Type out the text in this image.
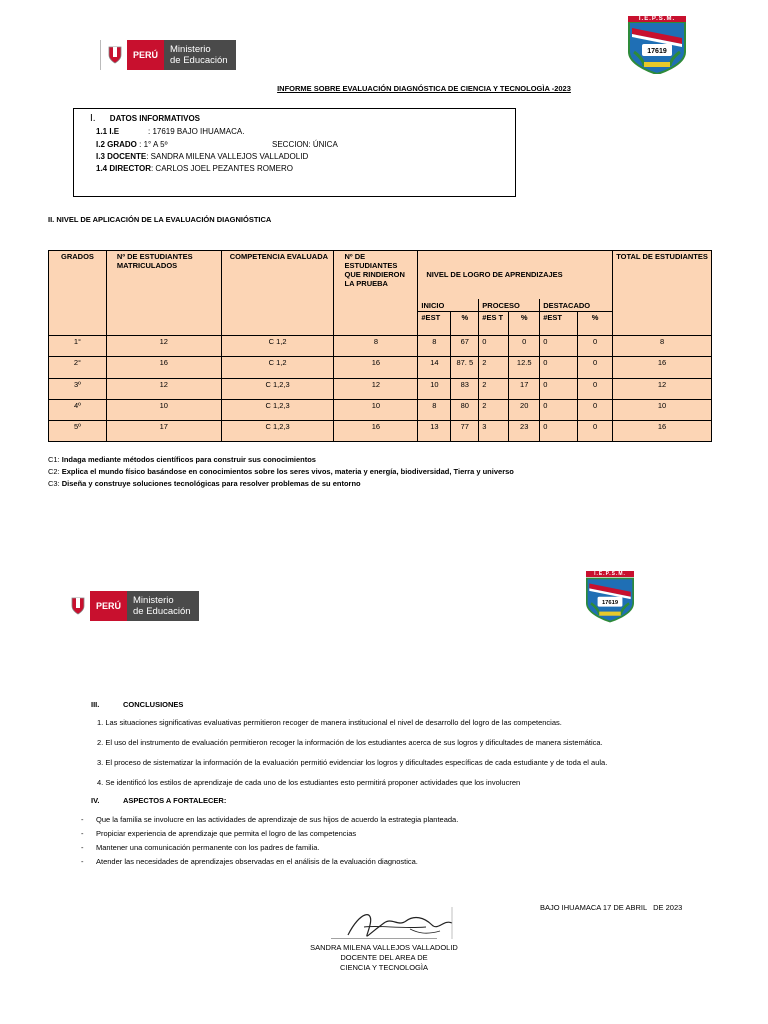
PERÚ	Ministerio
de Educación
I.E.P.S.M.
17619
INFORME SOBRE EVALUACIÓN DIAGNÓSTICA DE CIENCIA Y TECNOLOGÌA -2023
I. DATOS INFORMATIVOS
1.1 I.E	: 17619 BAJO IHUAMACA.
I.2 GRADO : 1° A 5º	SECCION: ÚNICA
I.3 DOCENTE: SANDRA MILENA VALLEJOS VALLADOLID
1.4 DIRECTOR: CARLOS JOEL PEZANTES ROMERO
II. NIVEL DE APLICACIÓN DE LA EVALUACIÓN DIAGNIÓSTICA
GRADOS	Nº DE ESTUDIANTES MATRICULADOS	COMPETENCIA EVALUADA	Nº DE ESTUDIANTES QUE RINDIERON LA PRUEBA	NIVEL DE LOGRO DE APRENDIZAJES						TOTAL DE ESTUDIANTES
				INICIO		PROCESO		DESTACADO		
				#EST	%	#ES T	%	#EST	%	
1°	12	C 1,2	8	8	67	0	0	0	0	8
2°	16	C 1,2	16	14	87. 5	2	12.5	0	0	16
3º	12	C 1,2,3	12	10	83	2	17	0	0	12
4º	10	C 1,2,3	10	8	80	2	20	0	0	10
5º	17	C 1,2,3	16	13	77	3	23	0	0	16
C1: Indaga mediante métodos científicos para construir sus conocimientos
C2: Explica el mundo físico basándose en conocimientos sobre los seres vivos, materia y energía, biodiversidad, Tierra y universo
C3: Diseña y construye soluciones tecnológicas para resolver problemas de su entorno
PERÚ	Ministerio
de Educación
I.E.P.S.M.
17619
III.	CONCLUSIONES
1. Las situaciones significativas evaluativas permitieron recoger de manera institucional el nivel de desarrollo del logro de las competencias.
2. El uso del instrumento de evaluación permitieron recoger la información de los estudiantes acerca de sus logros y dificultades de manera sistemática.
3. El proceso de sistematizar la información de la evaluación permitió evidenciar los logros y dificultades específicas de cada estudiante y de toda el aula.
4. Se identificó los estilos de aprendizaje de cada uno de los estudiantes esto permitirá proponer actividades que los involucren
IV.	ASPECTOS A FORTALECER:
- Que la familia se involucre en las actividades de aprendizaje de sus hijos de acuerdo la estrategia planteada.
- Propiciar experiencia de aprendizaje que permita el logro de las competencias
- Mantener una comunicación permanente con los padres de familia.
- Atender las necesidades de aprendizajes observadas en el análisis de la evaluación diagnostica.
BAJO IHUAMACA 17 DE ABRIL   DE 2023
-----------------------------------------------------
SANDRA MILENA VALLEJOS VALLADOLID
DOCENTE DEL AREA DE
CIENCIA Y TECNOLOGÌA
